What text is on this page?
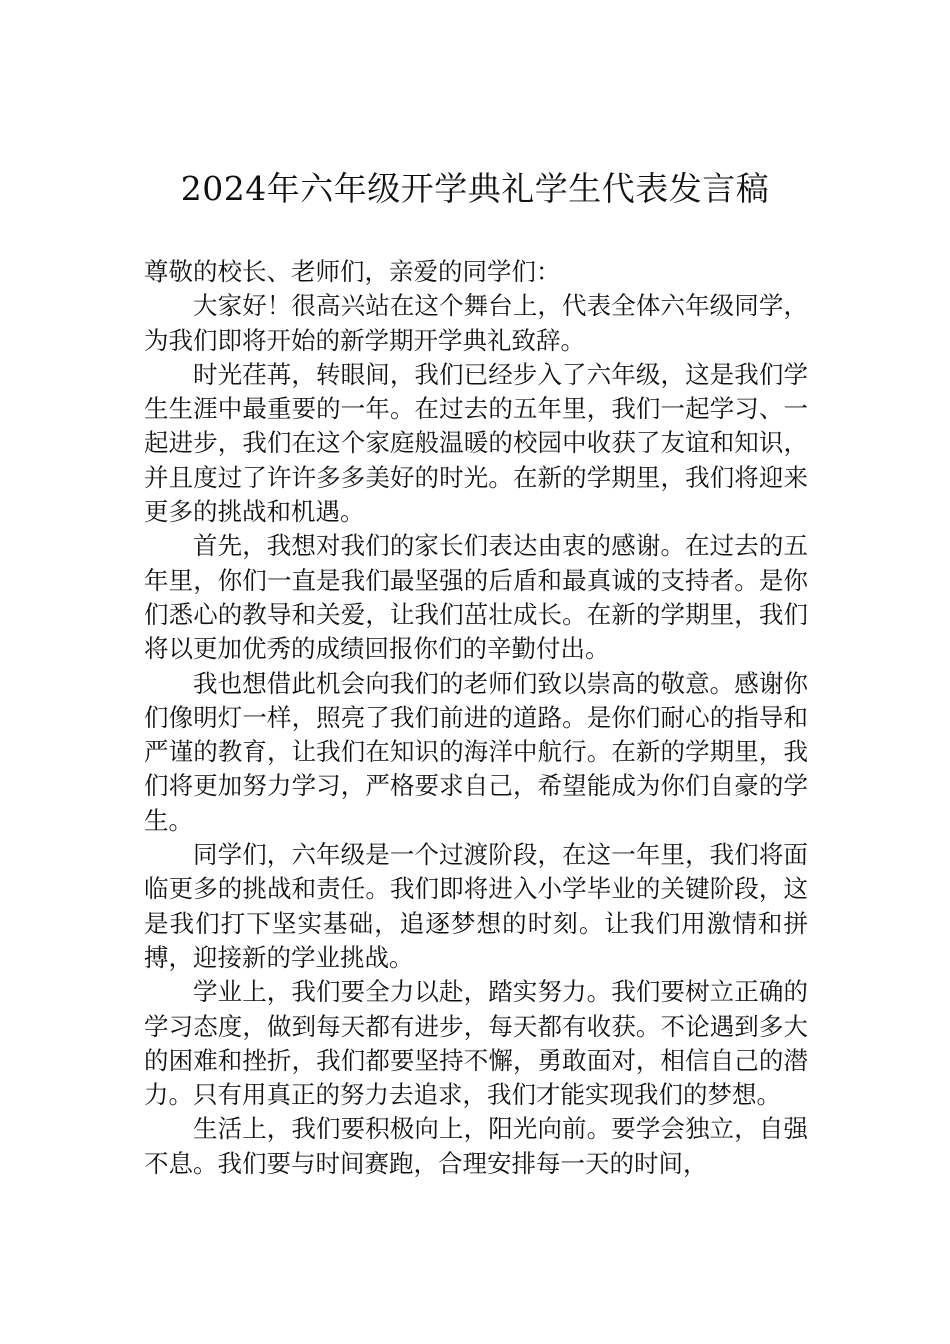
2024年六年级开学典礼学生代表发言稿

尊敬的校长、老师们，亲爱的同学们：

大家好！很高兴站在这个舞台上，代表全体六年级同学，为我们即将开始的新学期开学典礼致辞。

时光荏苒，转眼间，我们已经步入了六年级，这是我们学生生涯中最重要的一年。在过去的五年里，我们一起学习、一起进步，我们在这个家庭般温暖的校园中收获了友谊和知识，并且度过了许许多多美好的时光。在新的学期里，我们将迎来更多的挑战和机遇。

首先，我想对我们的家长们表达由衷的感谢。在过去的五年里，你们一直是我们最坚强的后盾和最真诚的支持者。是你们悉心的教导和关爱，让我们茁壮成长。在新的学期里，我们将以更加优秀的成绩回报你们的辛勤付出。

我也想借此机会向我们的老师们致以崇高的敬意。感谢你们像明灯一样，照亮了我们前进的道路。是你们耐心的指导和严谨的教育，让我们在知识的海洋中航行。在新的学期里，我们将更加努力学习，严格要求自己，希望能成为你们自豪的学生。

同学们，六年级是一个过渡阶段，在这一年里，我们将面临更多的挑战和责任。我们即将进入小学毕业的关键阶段，这是我们打下坚实基础，追逐梦想的时刻。让我们用激情和拼搏，迎接新的学业挑战。

学业上，我们要全力以赴，踏实努力。我们要树立正确的学习态度，做到每天都有进步，每天都有收获。不论遇到多大的困难和挫折，我们都要坚持不懈，勇敢面对，相信自己的潜力。只有用真正的努力去追求，我们才能实现我们的梦想。

生活上，我们要积极向上，阳光向前。要学会独立，自强不息。我们要与时间赛跑，合理安排每一天的时间，
